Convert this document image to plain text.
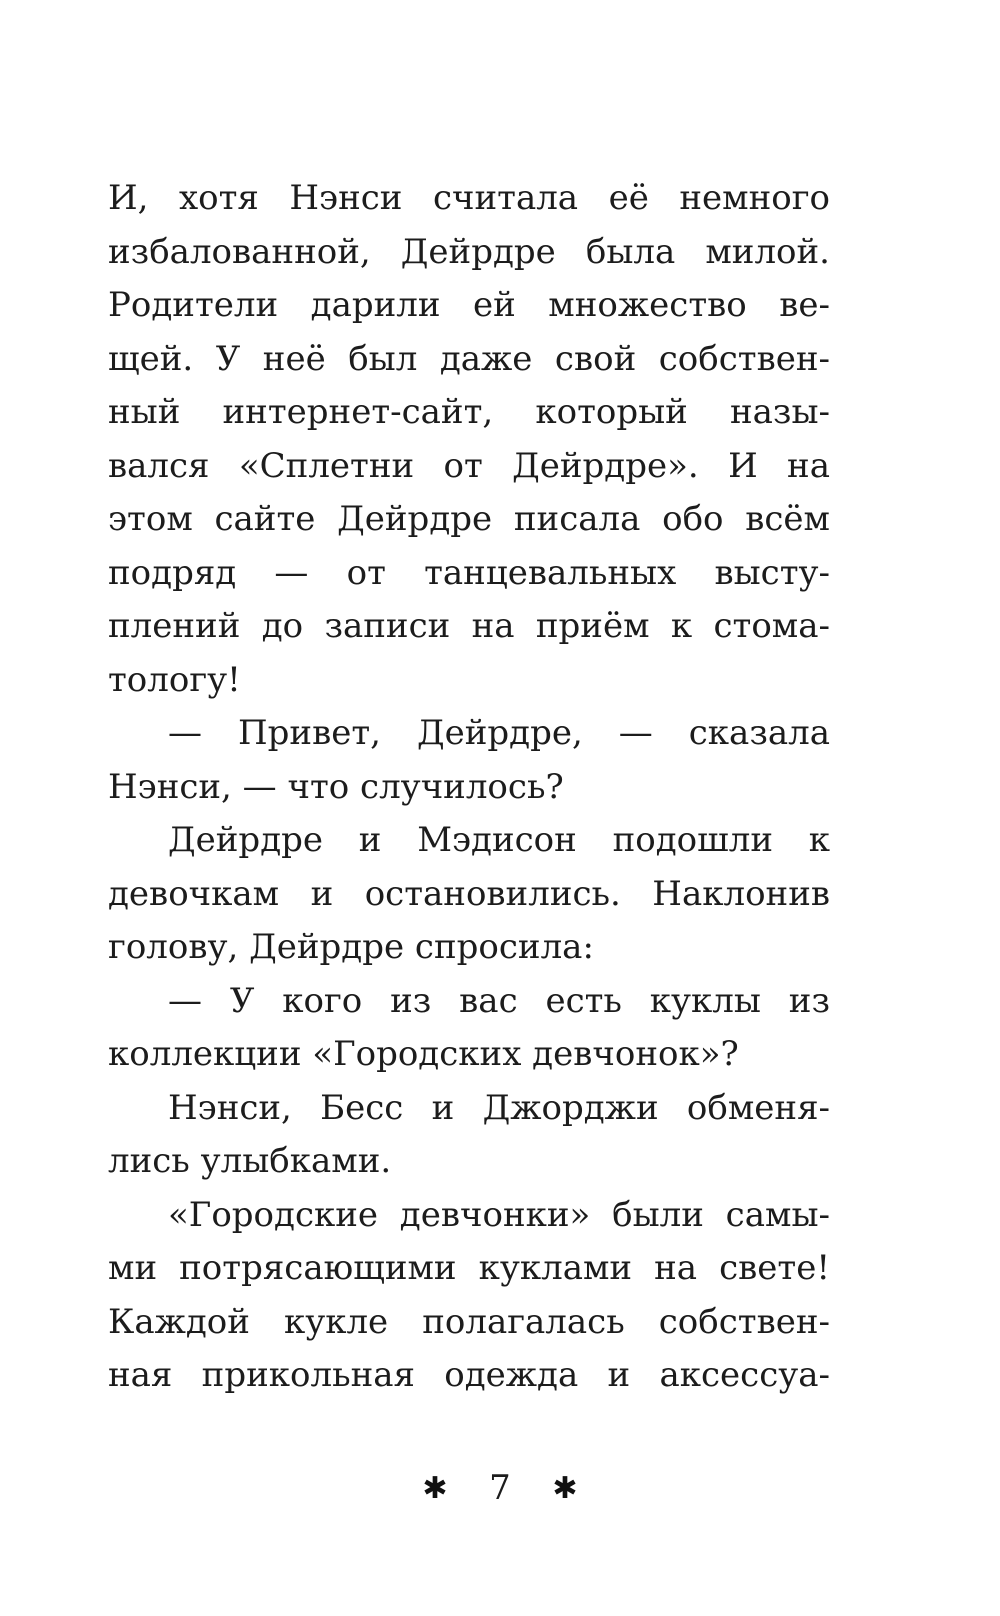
И, хотя Нэнси считала её немного
избалованной, Дейрдре была милой.
Родители дарили ей множество ве-
щей. У неё был даже свой собствен-
ный интернет-сайт, который назы-
вался «Сплетни от Дейрдре». И на
этом сайте Дейрдре писала обо всём
подряд — от танцевальных высту-
плений до записи на приём к стома-
тологу!
— Привет, Дейрдре, — сказала
Нэнси, — что случилось?
Дейрдре и Мэдисон подошли к
девочкам и остановились. Наклонив
голову, Дейрдре спросила:
— У кого из вас есть куклы из
коллекции «Городских девчонок»?
Нэнси, Бесс и Джорджи обменя-
лись улыбками.
«Городские девчонки» были самы-
ми потрясающими куклами на свете!
Каждой кукле полагалась собствен-
ная прикольная одежда и аксессуа-
✱	7	✱
